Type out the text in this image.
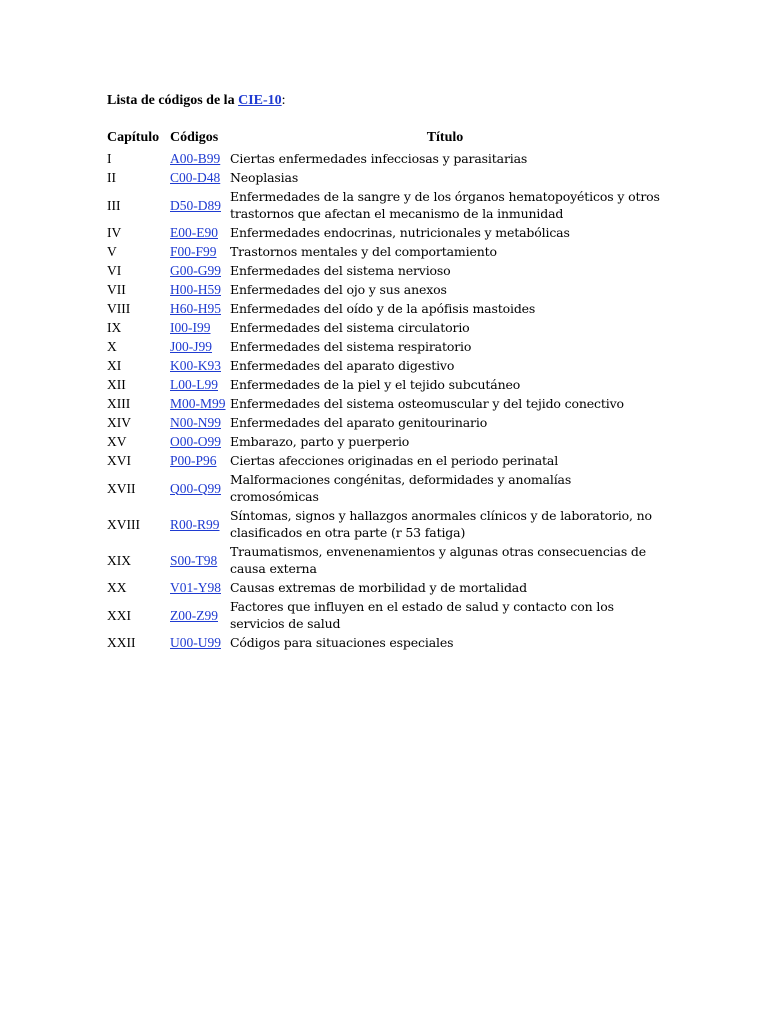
Lista de códigos de la CIE-10:
Capítulo	Códigos	Título
I	A00-B99	Ciertas enfermedades infecciosas y parasitarias
II	C00-D48	Neoplasias
III	D50-D89	Enfermedades de la sangre y de los órganos hematopoyéticos y otros trastornos que afectan el mecanismo de la inmunidad
IV	E00-E90	Enfermedades endocrinas, nutricionales y metabólicas
V	F00-F99	Trastornos mentales y del comportamiento
VI	G00-G99	Enfermedades del sistema nervioso
VII	H00-H59	Enfermedades del ojo y sus anexos
VIII	H60-H95	Enfermedades del oído y de la apófisis mastoides
IX	I00-I99	Enfermedades del sistema circulatorio
X	J00-J99	Enfermedades del sistema respiratorio
XI	K00-K93	Enfermedades del aparato digestivo
XII	L00-L99	Enfermedades de la piel y el tejido subcutáneo
XIII	M00-M99	Enfermedades del sistema osteomuscular y del tejido conectivo
XIV	N00-N99	Enfermedades del aparato genitourinario
XV	O00-O99	Embarazo, parto y puerperio
XVI	P00-P96	Ciertas afecciones originadas en el periodo perinatal
XVII	Q00-Q99	Malformaciones congénitas, deformidades y anomalías cromosómicas
XVIII	R00-R99	Síntomas, signos y hallazgos anormales clínicos y de laboratorio, no clasificados en otra parte (r 53 fatiga)
XIX	S00-T98	Traumatismos, envenenamientos y algunas otras consecuencias de causa externa
XX	V01-Y98	Causas extremas de morbilidad y de mortalidad
XXI	Z00-Z99	Factores que influyen en el estado de salud y contacto con los servicios de salud
XXII	U00-U99	Códigos para situaciones especiales
